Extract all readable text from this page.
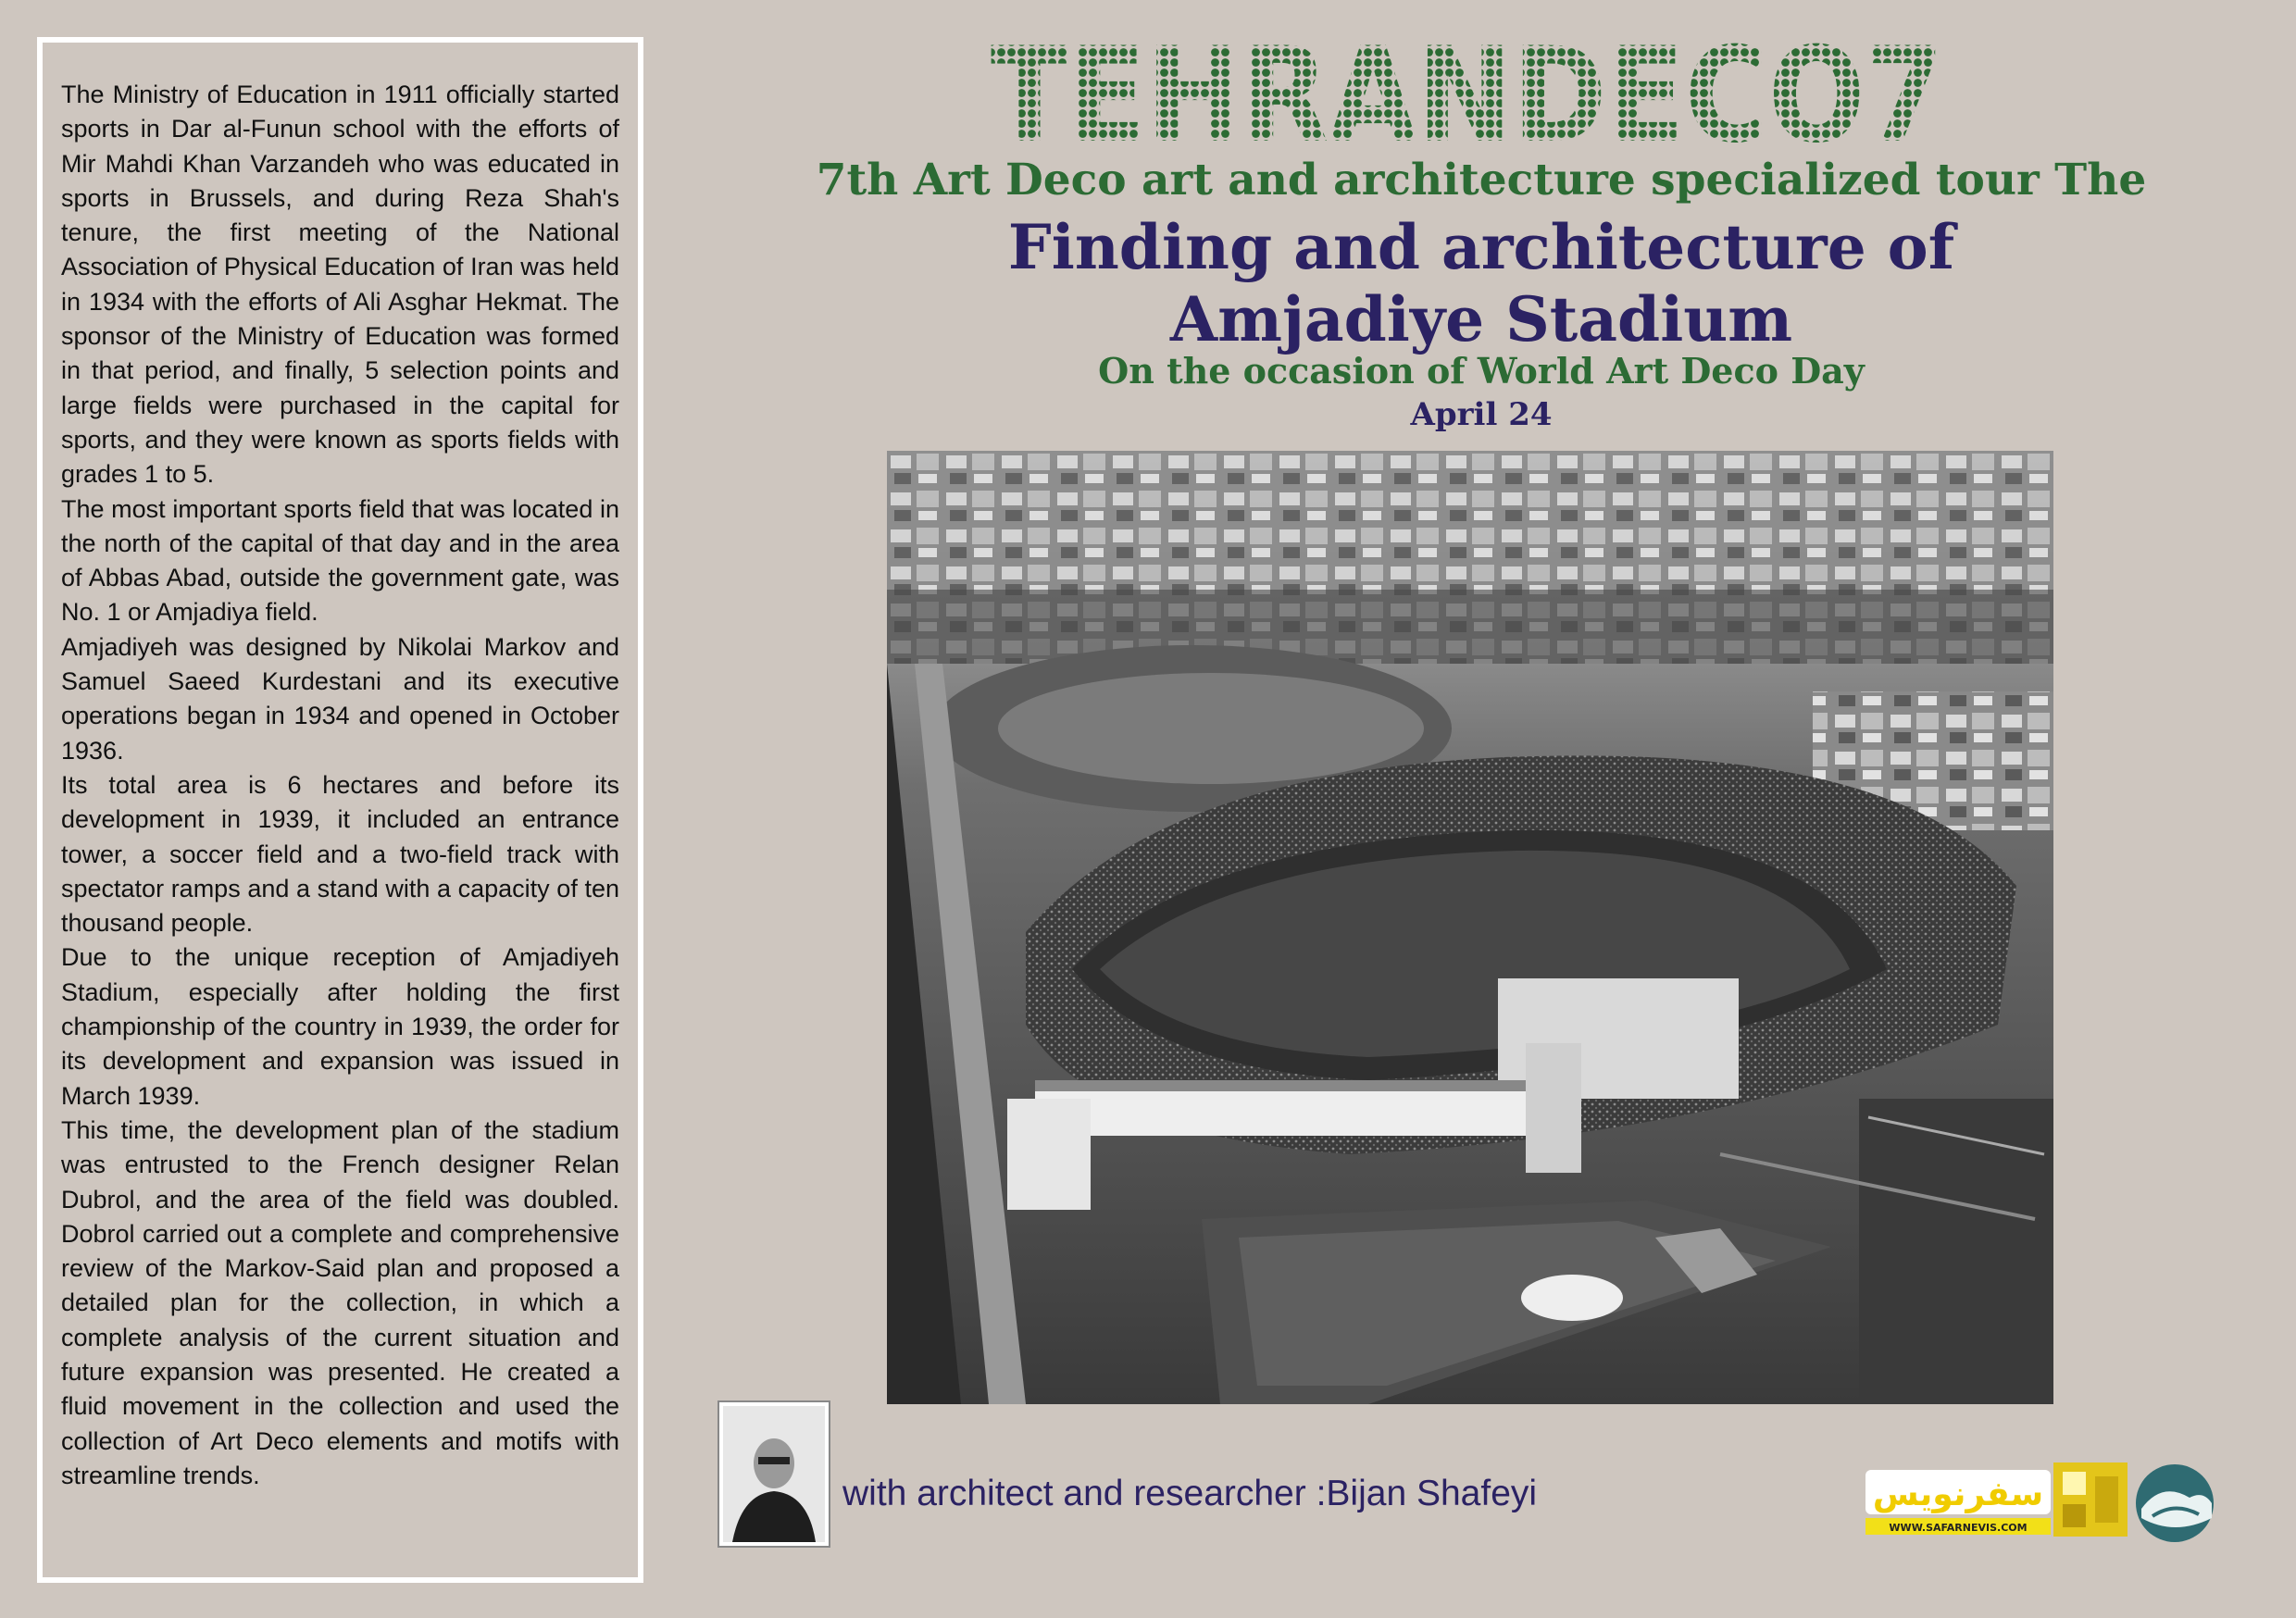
The Ministry of Education in 1911 officially started sports in Dar al-Funun school with the efforts of Mir Mahdi Khan Varzandeh who was educated in sports in Brussels, and during Reza Shah's tenure, the first meeting of the National Association of Physical Education of Iran was held in 1934 with the efforts of Ali Asghar Hekmat. The sponsor of the Ministry of Education was formed in that period, and finally, 5 selection points and large fields were purchased in the capital for sports, and they were known as sports fields with grades 1 to 5.
The most important sports field that was located in the north of the capital of that day and in the area of Abbas Abad, outside the government gate, was No. 1 or Amjadiya field.
Amjadiyeh was designed by Nikolai Markov and Samuel Saeed Kurdestani and its executive operations began in 1934 and opened in October 1936.
Its total area is 6 hectares and before its development in 1939, it included an entrance tower, a soccer field and a two-field track with spectator ramps and a stand with a capacity of ten thousand people.
Due to the unique reception of Amjadiyeh Stadium, especially after holding the first championship of the country in 1939, the order for its development and expansion was issued in March 1939.
This time, the development plan of the stadium was entrusted to the French designer Relan Dubrol, and the area of the field was doubled. Dobrol carried out a complete and comprehensive review of the Markov-Said plan and proposed a detailed plan for the collection, in which a complete analysis of the current situation and future expansion was presented. He created a fluid movement in the collection and used the collection of Art Deco elements and motifs with streamline trends.

TEHRANDECO7
7th Art Deco art and architecture specialized tour The
Finding and architecture of
Amjadiye Stadium
On the occasion of World Art Deco Day
April 24
with architect and researcher :Bijan Shafeyi	سفرنویس
WWW.SAFARNEVIS.COM
